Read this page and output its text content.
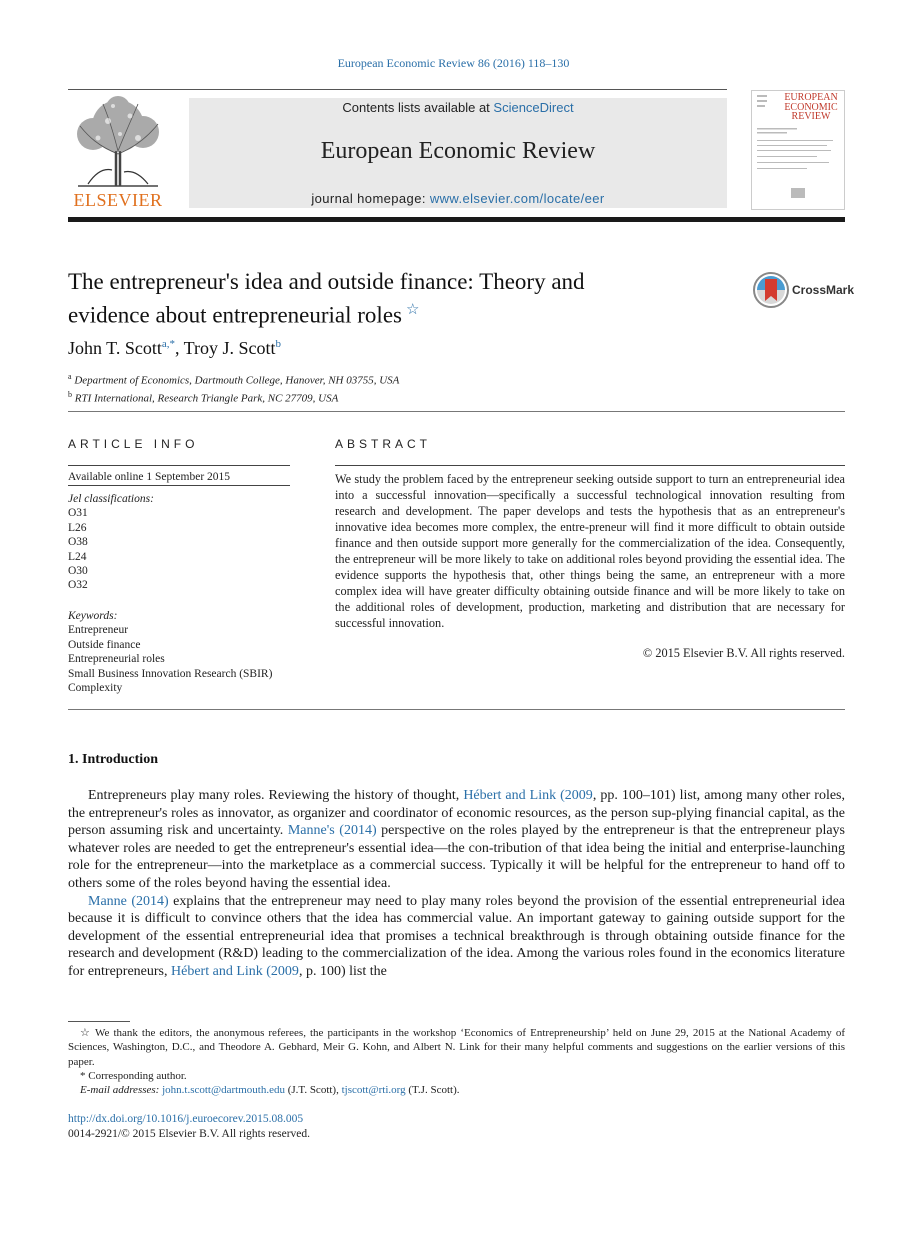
European Economic Review 86 (2016) 118–130
ELSEVIER
Contents lists available at ScienceDirect
European Economic Review
journal homepage: www.elsevier.com/locate/eer
EUROPEAN
ECONOMIC
REVIEW
The entrepreneur's idea and outside finance: Theory and
evidence about entrepreneurial roles ☆
CrossMark
John T. Scott$^{a,*}$, Troy J. Scott$^b$
$^a$ Department of Economics, Dartmouth College, Hanover, NH 03755, USA
$^b$ RTI International, Research Triangle Park, NC 27709, USA
ARTICLE INFO
Available online 1 September 2015
Jel classifications:
O31
L26
O38
L24
O30
O32
Keywords:
Entrepreneur
Outside finance
Entrepreneurial roles
Small Business Innovation Research (SBIR)
Complexity
ABSTRACT
We study the problem faced by the entrepreneur seeking outside support to turn an entrepreneurial idea into a successful innovation—specifically a successful technological innovation resulting from research and development. The paper develops and tests the hypothesis that as an entrepreneur's innovative idea becomes more complex, the entre-preneur will find it more difficult to obtain outside finance and then outside support more generally for the commercialization of the idea. Consequently, the entrepreneur will be more likely to take on additional roles beyond providing the essential idea. The evidence supports the hypothesis that, other things being the same, an entrepreneur with a more complex idea will have greater difficulty obtaining outside finance and will be more likely to take on the additional roles of development, production, marketing and distribution that are necessary for successful innovation.
© 2015 Elsevier B.V. All rights reserved.
1. Introduction

Entrepreneurs play many roles. Reviewing the history of thought, Hébert and Link (2009, pp. 100–101) list, among many other roles, the entrepreneur's roles as innovator, as organizer and coordinator of economic resources, as the person sup-plying financial capital, as the person assuming risk and uncertainty. Manne's (2014) perspective on the roles played by the entrepreneur is that the entrepreneur plays whatever roles are needed to get the entrepreneur's essential idea—the con-tribution of that idea being the initial and enterprise-launching role for the entrepreneur—into the marketplace as a commercial success. Typically it will be helpful for the entrepreneur to hand off to others some of the roles beyond having the essential idea.

Manne (2014) explains that the entrepreneur may need to play many roles beyond the provision of the essential entrepreneurial idea because it is difficult to convince others that the idea has commercial value. An important gateway to gaining outside support for the development of the essential entrepreneurial idea that promises a technical breakthrough is through obtaining outside finance for the research and development (R&D) leading to the commercialization of the idea. Among the various roles found in the economics literature for entrepreneurs, Hébert and Link (2009, p. 100) list the

☆ We thank the editors, the anonymous referees, the participants in the workshop ‘Economics of Entrepreneurship’ held on June 29, 2015 at the National Academy of Sciences, Washington, D.C., and Theodore A. Gebhard, Meir G. Kohn, and Albert N. Link for their many helpful comments and suggestions on the earlier versions of this paper.

* Corresponding author.

E-mail addresses: john.t.scott@dartmouth.edu (J.T. Scott), tjscott@rti.org (T.J. Scott).

http://dx.doi.org/10.1016/j.euroecorev.2015.08.005
0014-2921/© 2015 Elsevier B.V. All rights reserved.
